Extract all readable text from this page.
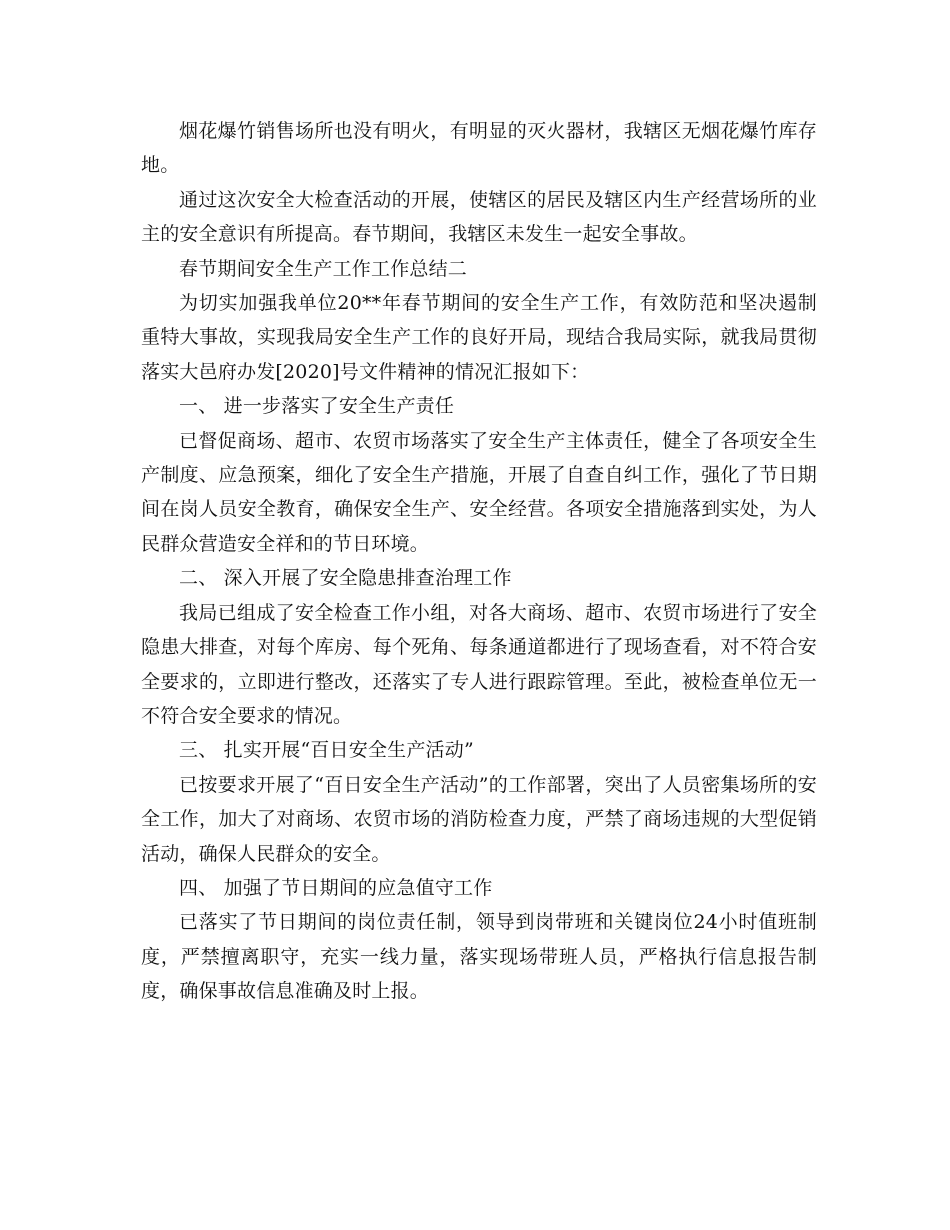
烟花爆竹销售场所也没有明火，有明显的灭火器材，我辖区无烟花爆竹库存地。

通过这次安全大检查活动的开展，使辖区的居民及辖区内生产经营场所的业主的安全意识有所提高。春节期间，我辖区未发生一起安全事故。

春节期间安全生产工作工作总结二

为切实加强我单位20**年春节期间的安全生产工作，有效防范和坚决遏制重特大事故，实现我局安全生产工作的良好开局，现结合我局实际，就我局贯彻落实大邑府办发[2020]号文件精神的情况汇报如下：

一、 进一步落实了安全生产责任

已督促商场、超市、农贸市场落实了安全生产主体责任，健全了各项安全生产制度、应急预案，细化了安全生产措施，开展了自查自纠工作，强化了节日期间在岗人员安全教育，确保安全生产、安全经营。各项安全措施落到实处，为人民群众营造安全祥和的节日环境。

二、 深入开展了安全隐患排查治理工作

我局已组成了安全检查工作小组，对各大商场、超市、农贸市场进行了安全隐患大排查，对每个库房、每个死角、每条通道都进行了现场查看，对不符合安全要求的，立即进行整改，还落实了专人进行跟踪管理。至此，被检查单位无一不符合安全要求的情况。

三、 扎实开展“百日安全生产活动”

已按要求开展了“百日安全生产活动”的工作部署，突出了人员密集场所的安全工作，加大了对商场、农贸市场的消防检查力度，严禁了商场违规的大型促销活动，确保人民群众的安全。

四、 加强了节日期间的应急值守工作

已落实了节日期间的岗位责任制，领导到岗带班和关键岗位24小时值班制度，严禁擅离职守，充实一线力量，落实现场带班人员，严格执行信息报告制度，确保事故信息准确及时上报。
